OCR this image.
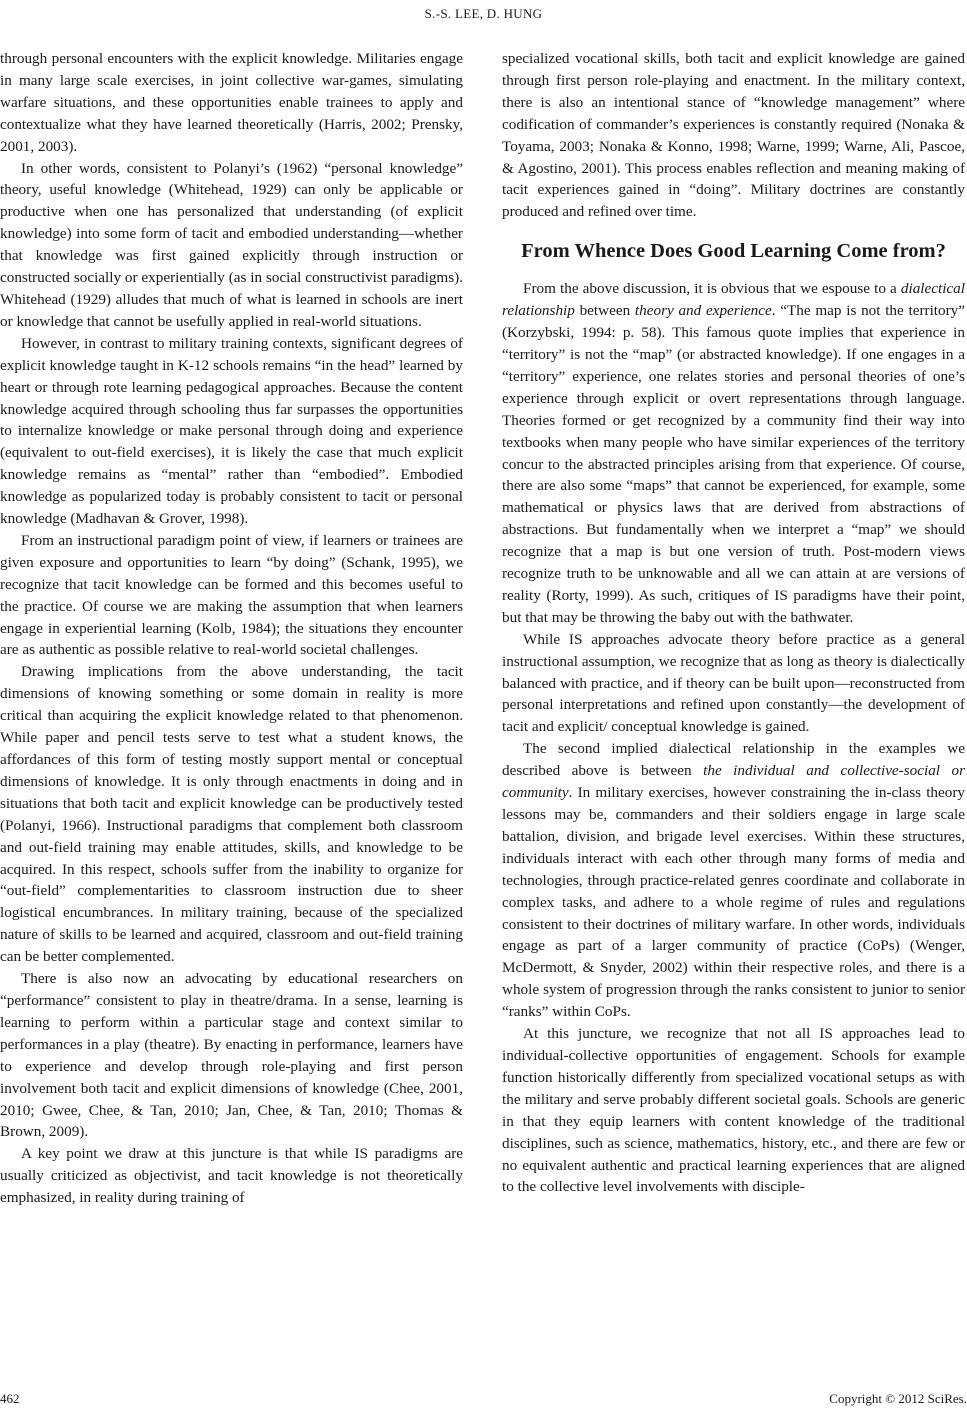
S.-S. LEE, D. HUNG

through personal encounters with the explicit knowledge. Militaries engage in many large scale exercises, in joint collective war-games, simulating warfare situations, and these opportunities enable trainees to apply and contextualize what they have learned theoretically (Harris, 2002; Prensky, 2001, 2003).

In other words, consistent to Polanyi’s (1962) “personal knowledge” theory, useful knowledge (Whitehead, 1929) can only be applicable or productive when one has personalized that understanding (of explicit knowledge) into some form of tacit and embodied understanding—whether that knowledge was first gained explicitly through instruction or constructed socially or experientially (as in social constructivist paradigms). Whitehead (1929) alludes that much of what is learned in schools are inert or knowledge that cannot be usefully applied in real-world situations.

However, in contrast to military training contexts, significant degrees of explicit knowledge taught in K-12 schools remains “in the head” learned by heart or through rote learning pedagogical approaches. Because the content knowledge acquired through schooling thus far surpasses the opportunities to internalize knowledge or make personal through doing and experience (equivalent to out-field exercises), it is likely the case that much explicit knowledge remains as “mental” rather than “embodied”. Embodied knowledge as popularized today is probably consistent to tacit or personal knowledge (Madhavan & Grover, 1998).

From an instructional paradigm point of view, if learners or trainees are given exposure and opportunities to learn “by doing” (Schank, 1995), we recognize that tacit knowledge can be formed and this becomes useful to the practice. Of course we are making the assumption that when learners engage in experiential learning (Kolb, 1984); the situations they encounter are as authentic as possible relative to real-world societal challenges.

Drawing implications from the above understanding, the tacit dimensions of knowing something or some domain in reality is more critical than acquiring the explicit knowledge related to that phenomenon. While paper and pencil tests serve to test what a student knows, the affordances of this form of testing mostly support mental or conceptual dimensions of knowledge. It is only through enactments in doing and in situations that both tacit and explicit knowledge can be productively tested (Polanyi, 1966). Instructional paradigms that complement both classroom and out-field training may enable attitudes, skills, and knowledge to be acquired. In this respect, schools suffer from the inability to organize for “out-field” complementarities to classroom instruction due to sheer logistical encumbrances. In military training, because of the specialized nature of skills to be learned and acquired, classroom and out-field training can be better complemented.

There is also now an advocating by educational researchers on “performance” consistent to play in theatre/drama. In a sense, learning is learning to perform within a particular stage and context similar to performances in a play (theatre). By enacting in performance, learners have to experience and develop through role-playing and first person involvement both tacit and explicit dimensions of knowledge (Chee, 2001, 2010; Gwee, Chee, & Tan, 2010; Jan, Chee, & Tan, 2010; Thomas & Brown, 2009).

A key point we draw at this juncture is that while IS paradigms are usually criticized as objectivist, and tacit knowledge is not theoretically emphasized, in reality during training of

specialized vocational skills, both tacit and explicit knowledge are gained through first person role-playing and enactment. In the military context, there is also an intentional stance of “knowledge management” where codification of commander’s experiences is constantly required (Nonaka & Toyama, 2003; Nonaka & Konno, 1998; Warne, 1999; Warne, Ali, Pascoe, & Agostino, 2001). This process enables reflection and meaning making of tacit experiences gained in “doing”. Military doctrines are constantly produced and refined over time.

From Whence Does Good Learning Come from?

From the above discussion, it is obvious that we espouse to a dialectical relationship between theory and experience. “The map is not the territory” (Korzybski, 1994: p. 58). This famous quote implies that experience in “territory” is not the “map” (or abstracted knowledge). If one engages in a “territory” experience, one relates stories and personal theories of one’s experience through explicit or overt representations through language. Theories formed or get recognized by a community find their way into textbooks when many people who have similar experiences of the territory concur to the abstracted principles arising from that experience. Of course, there are also some “maps” that cannot be experienced, for example, some mathematical or physics laws that are derived from abstractions of abstractions. But fundamentally when we interpret a “map” we should recognize that a map is but one version of truth. Post-modern views recognize truth to be unknowable and all we can attain at are versions of reality (Rorty, 1999). As such, critiques of IS paradigms have their point, but that may be throwing the baby out with the bathwater.

While IS approaches advocate theory before practice as a general instructional assumption, we recognize that as long as theory is dialectically balanced with practice, and if theory can be built upon—reconstructed from personal interpretations and refined upon constantly—the development of tacit and explicit/ conceptual knowledge is gained.

The second implied dialectical relationship in the examples we described above is between the individual and collective-social or community. In military exercises, however constraining the in-class theory lessons may be, commanders and their soldiers engage in large scale battalion, division, and brigade level exercises. Within these structures, individuals interact with each other through many forms of media and technologies, through practice-related genres coordinate and collaborate in complex tasks, and adhere to a whole regime of rules and regulations consistent to their doctrines of military warfare. In other words, individuals engage as part of a larger community of practice (CoPs) (Wenger, McDermott, & Snyder, 2002) within their respective roles, and there is a whole system of progression through the ranks consistent to junior to senior “ranks” within CoPs.

At this juncture, we recognize that not all IS approaches lead to individual-collective opportunities of engagement. Schools for example function historically differently from specialized vocational setups as with the military and serve probably different societal goals. Schools are generic in that they equip learners with content knowledge of the traditional disciplines, such as science, mathematics, history, etc., and there are few or no equivalent authentic and practical learning experiences that are aligned to the collective level involvements with disciple-

462	Copyright © 2012 SciRes.
